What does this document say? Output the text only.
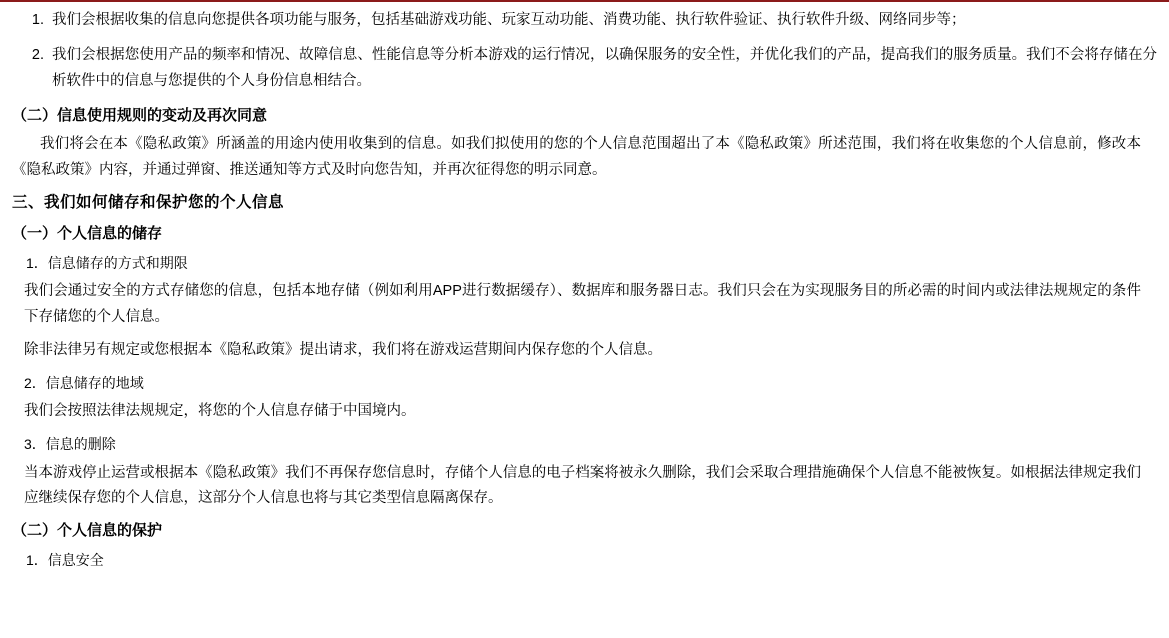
1. 我们会根据收集的信息向您提供各项功能与服务，包括基础游戏功能、玩家互动功能、消费功能、执行软件验证、执行软件升级、网络同步等；

2. 我们会根据您使用产品的频率和情况、故障信息、性能信息等分析本游戏的运行情况，以确保服务的安全性，并优化我们的产品，提高我们的服务质量。我们不会将存储在分析软件中的信息与您提供的个人身份信息相结合。

（二）信息使用规则的变动及再次同意

我们将会在本《隐私政策》所涵盖的用途内使用收集到的信息。如我们拟使用的您的个人信息范围超出了本《隐私政策》所述范围，我们将在收集您的个人信息前，修改本《隐私政策》内容，并通过弹窗、推送通知等方式及时向您告知，并再次征得您的明示同意。

三、我们如何储存和保护您的个人信息
（一）个人信息的储存
1．信息储存的方式和期限

我们会通过安全的方式存储您的信息，包括本地存储（例如利用APP进行数据缓存）、数据库和服务器日志。我们只会在为实现服务目的所必需的时间内或法律法规规定的条件下存储您的个人信息。

除非法律另有规定或您根据本《隐私政策》提出请求，我们将在游戏运营期间内保存您的个人信息。

2．信息储存的地域

我们会按照法律法规规定，将您的个人信息存储于中国境内。

3．信息的删除

当本游戏停止运营或根据本《隐私政策》我们不再保存您信息时，存储个人信息的电子档案将被永久删除，我们会采取合理措施确保个人信息不能被恢复。如根据法律规定我们应继续保存您的个人信息，这部分个人信息也将与其它类型信息隔离保存。

（二）个人信息的保护
1．信息安全
